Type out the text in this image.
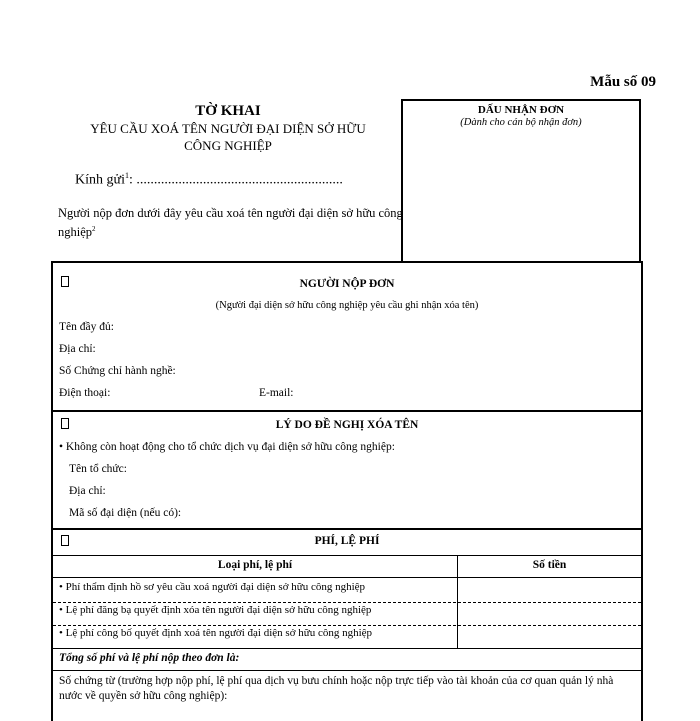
Mẫu số 09
TỜ KHAI
YÊU CẦU XOÁ TÊN NGƯỜI ĐẠI DIỆN SỞ HỮU
CÔNG NGHIỆP
Kính gửi$^1$: ...........................................................
Người nộp đơn dưới đây yêu cầu xoá tên người đại diện sở hữu công nghiệp$^2$
DẤU NHẬN ĐƠN
(Dành cho cán bộ nhận đơn)
NGƯỜI NỘP ĐƠN
(Người đại diện sở hữu công nghiệp yêu cầu ghi nhận xóa tên)
Tên đầy đủ:
Địa chỉ:
Số Chứng chỉ hành nghề:
Điện thoại:	E-mail:
LÝ DO ĐỀ NGHỊ XÓA TÊN
• Không còn hoạt động cho tổ chức dịch vụ đại diện sở hữu công nghiệp:
Tên tổ chức:
Địa chỉ:
Mã số đại diện (nếu có):
PHÍ, LỆ PHÍ
Loại phí, lệ phí	Số tiền
• Phí thẩm định hồ sơ yêu cầu xoá người đại diện sở hữu công nghiệp
• Lệ phí đăng bạ quyết định xóa tên người đại diện sở hữu công nghiệp
• Lệ phí công bố quyết định xoá tên người đại diện sở hữu công nghiệp
Tổng số phí và lệ phí nộp theo đơn là:
Số chứng từ (trường hợp nộp phí, lệ phí qua dịch vụ bưu chính hoặc nộp trực tiếp vào tài khoản của cơ quan quản lý nhà nước về quyền sở hữu công nghiệp):
